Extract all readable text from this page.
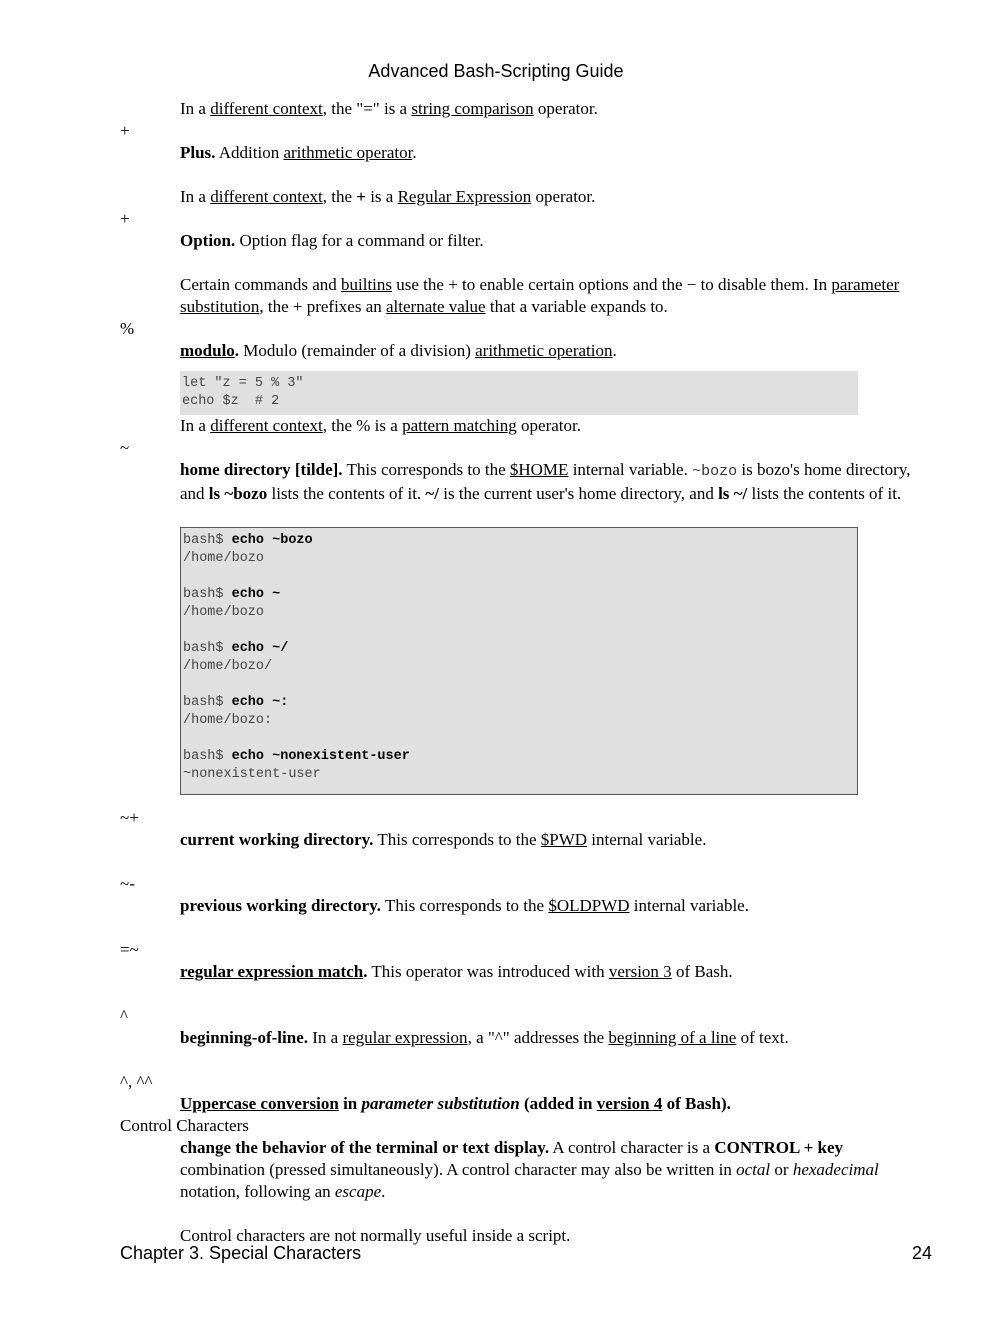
Advanced Bash-Scripting Guide

In a different context, the "=" is a string comparison operator.

+

Plus. Addition arithmetic operator.

In a different context, the + is a Regular Expression operator.

+

Option. Option flag for a command or filter.

Certain commands and builtins use the + to enable certain options and the − to disable them. In parameter substitution, the + prefixes an alternate value that a variable expands to.

%

modulo. Modulo (remainder of a division) arithmetic operation.

let "z = 5 % 3"
echo $z  # 2

In a different context, the % is a pattern matching operator.

~

home directory [tilde]. This corresponds to the $HOME internal variable. ~bozo is bozo's home directory, and ls ~bozo lists the contents of it. ~/ is the current user's home directory, and ls ~/ lists the contents of it.

bash$ echo ~bozo
/home/bozo

bash$ echo ~
/home/bozo

bash$ echo ~/
/home/bozo/

bash$ echo ~:
/home/bozo:

bash$ echo ~nonexistent-user
~nonexistent-user

~+

current working directory. This corresponds to the $PWD internal variable.

~-

previous working directory. This corresponds to the $OLDPWD internal variable.

=~

regular expression match. This operator was introduced with version 3 of Bash.

^

beginning-of-line. In a regular expression, a "^" addresses the beginning of a line of text.

^, ^^

Uppercase conversion in parameter substitution (added in version 4 of Bash).

Control Characters

change the behavior of the terminal or text display. A control character is a CONTROL + key combination (pressed simultaneously). A control character may also be written in octal or hexadecimal notation, following an escape.

Control characters are not normally useful inside a script.

Chapter 3. Special Characters	24
